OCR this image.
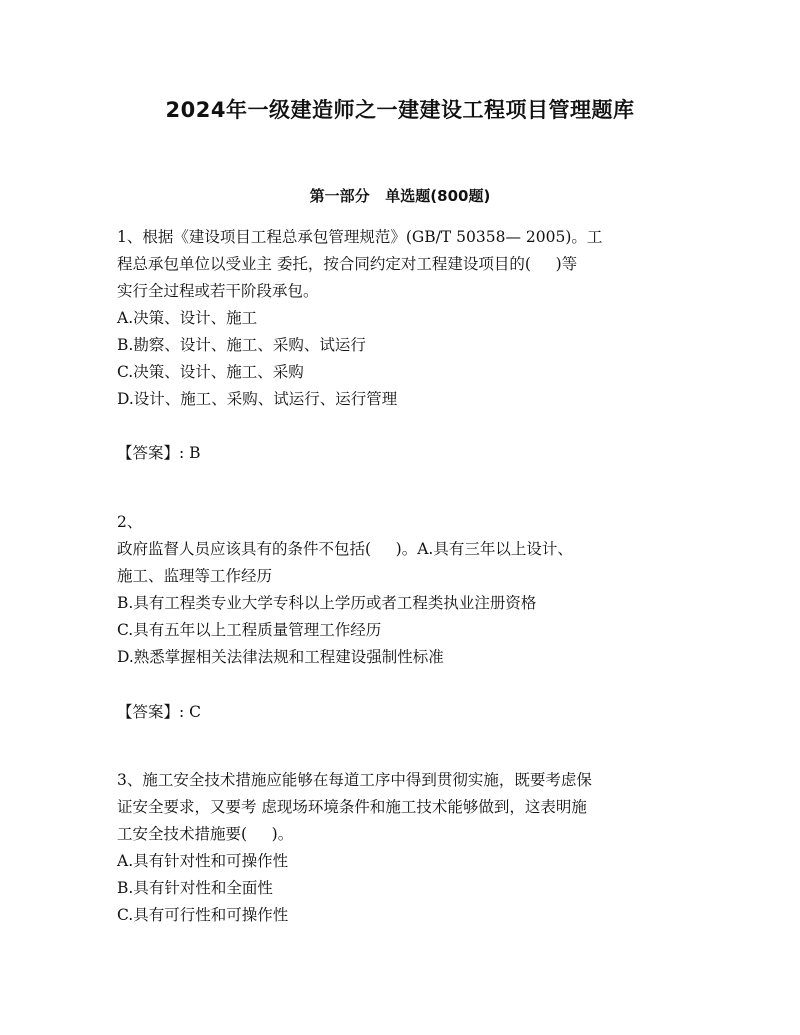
2024年一级建造师之一建建设工程项目管理题库
第一部分   单选题(800题)
1、根据《建设项目工程总承包管理规范》(GB/T 50358— 2005)。工
程总承包单位以受业主 委托，按合同约定对工程建设项目的(     )等
实行全过程或若干阶段承包。
A.决策、设计、施工
B.勘察、设计、施工、采购、试运行
C.决策、设计、施工、采购
D.设计、施工、采购、试运行、运行管理
【答案】: B
2、
政府监督人员应该具有的条件不包括(     )。A.具有三年以上设计、
施工、监理等工作经历
B.具有工程类专业大学专科以上学历或者工程类执业注册资格
C.具有五年以上工程质量管理工作经历
D.熟悉掌握相关法律法规和工程建设强制性标准
【答案】: C
3、施工安全技术措施应能够在每道工序中得到贯彻实施，既要考虑保
证安全要求，又要考 虑现场环境条件和施工技术能够做到，这表明施
工安全技术措施要(     )。
A.具有针对性和可操作性
B.具有针对性和全面性
C.具有可行性和可操作性
